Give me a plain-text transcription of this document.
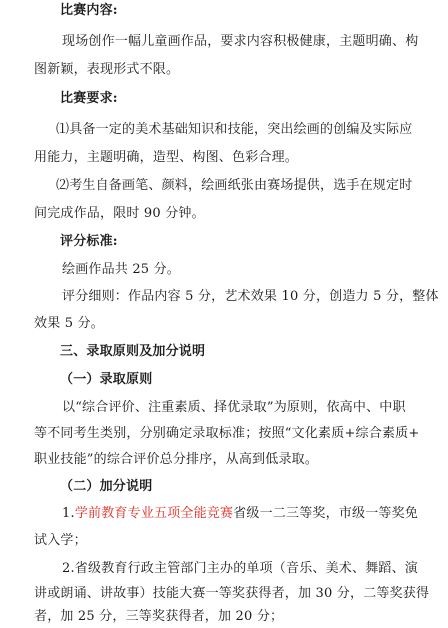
比赛内容:
现场创作一幅儿童画作品，要求内容积极健康，主题明确、构
图新颖，表现形式不限。
比赛要求:
⑴具备一定的美术基础知识和技能，突出绘画的创编及实际应
用能力，主题明确，造型、构图、色彩合理。
⑵考生自备画笔、颜料，绘画纸张由赛场提供，选手在规定时
间完成作品，限时 90 分钟。
评分标准:
绘画作品共 25 分。
评分细则：作品内容 5 分，艺术效果 10 分，创造力 5 分，整体
效果 5 分。
三、录取原则及加分说明
（一）录取原则
以“综合评价、注重素质、择优录取”为原则，依高中、中职
等不同考生类别，分别确定录取标准；按照“文化素质+综合素质+
职业技能”的综合评价总分排序，从高到低录取。
（二）加分说明
1.学前教育专业五项全能竞赛省级一二三等奖，市级一等奖免
试入学；
2.省级教育行政主管部门主办的单项（音乐、美术、舞蹈、演
讲或朗诵、讲故事）技能大赛一等奖获得者，加 30 分，二等奖获得
者，加 25 分，三等奖获得者，加 20 分；
